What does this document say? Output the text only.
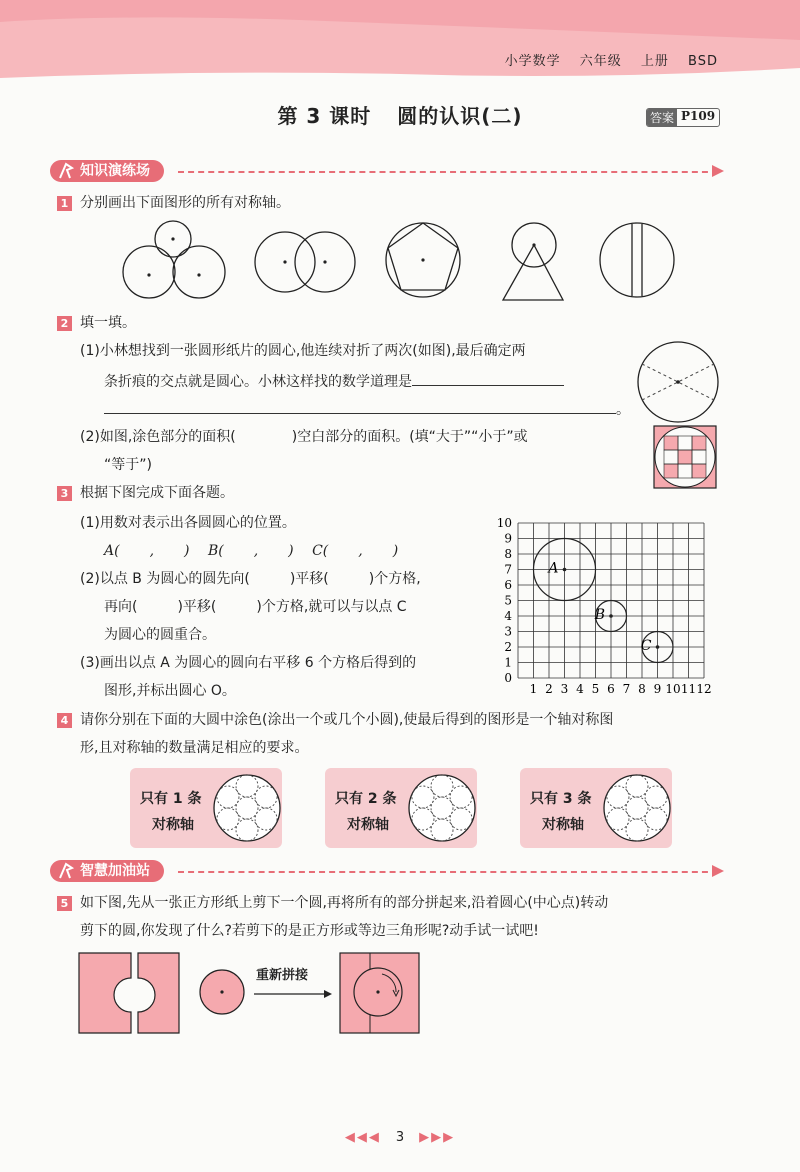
小学数学 六年级 上册 BSD
第 3 课时 圆的认识(二)	答案 P109
知识演练场
1 分别画出下面图形的所有对称轴。
2 填一填。
(1)小林想找到一张圆形纸片的圆心,他连续对折了两次(如图),最后确定两
条折痕的交点就是圆心。小林这样找的数学道理是
。
(2)如图,涂色部分的面积(	)空白部分的面积。(填“大于”“小于”或
“等于”)
3 根据下图完成下面各题。
(1)用数对表示出各圆圆心的位置。
A( , ) B( , ) C( , )
(2)以点 B 为圆心的圆先向(	)平移(	)个方格,
再向(	)平移(	)个方格,就可以与以点 C
为圆心的圆重合。
(3)画出以点 A 为圆心的圆向右平移 6 个方格后得到的
图形,并标出圆心 O。
10
9
8
7
6
5
4
3
2
1
0
1 2 3 4 5 6 7 8 9 10 11 12
A
B
C
4 请你分别在下面的大圆中涂色(涂出一个或几个小圆),使最后得到的图形是一个轴对称图
形,且对称轴的数量满足相应的要求。
只有 1 条
对称轴
只有 2 条
对称轴
只有 3 条
对称轴
智慧加油站
5 如下图,先从一张正方形纸上剪下一个圆,再将所有的部分拼起来,沿着圆心(中心点)转动
剪下的圆,你发现了什么?若剪下的是正方形或等边三角形呢?动手试一试吧!
重新拼接
◀◀◀ 3 ▶▶▶
